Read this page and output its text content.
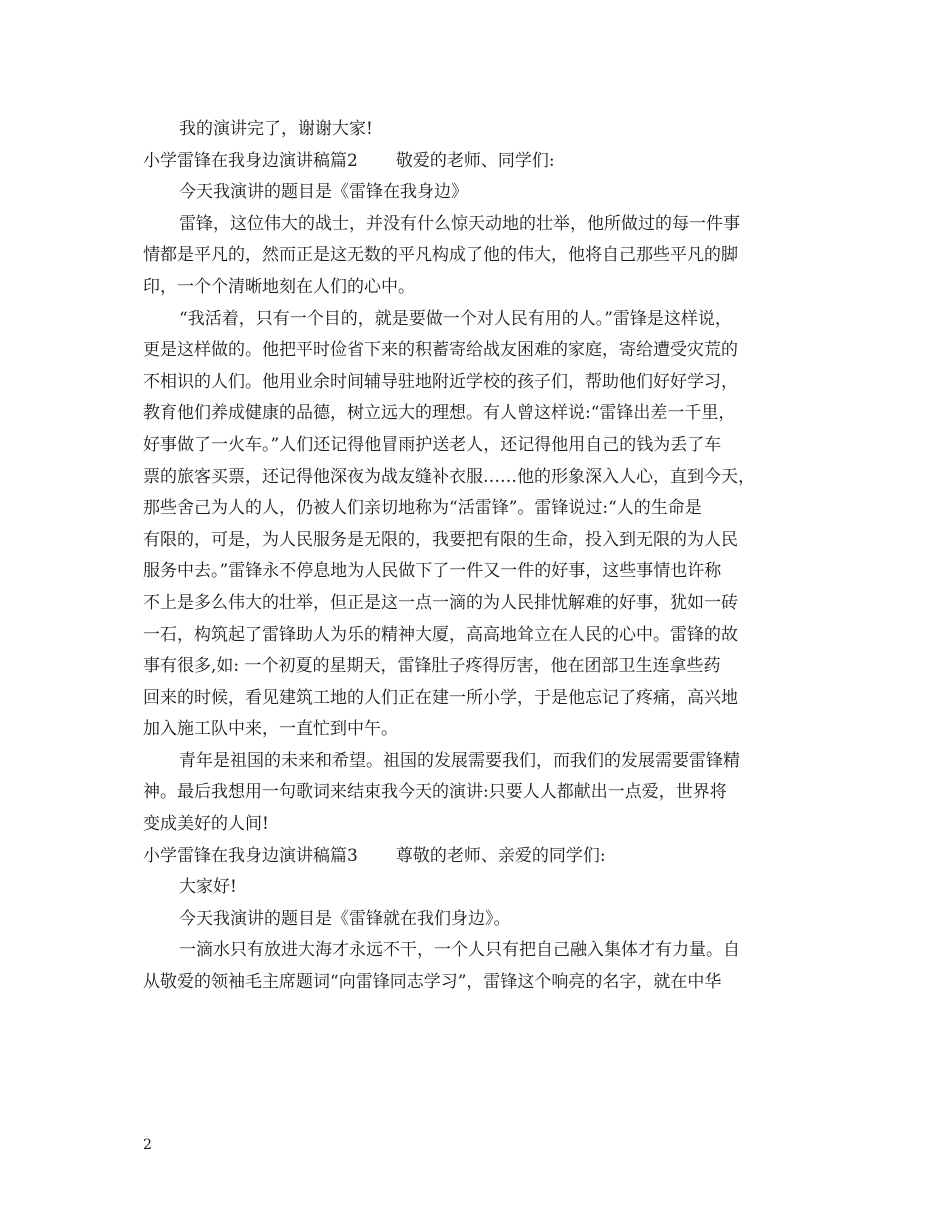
我的演讲完了，谢谢大家!
小学雷锋在我身边演讲稿篇2 敬爱的老师、同学们:
今天我演讲的题目是《雷锋在我身边》
雷锋，这位伟大的战士，并没有什么惊天动地的壮举，他所做过的每一件事
情都是平凡的，然而正是这无数的平凡构成了他的伟大，他将自己那些平凡的脚
印，一个个清晰地刻在人们的心中。
“我活着，只有一个目的，就是要做一个对人民有用的人。”雷锋是这样说，
更是这样做的。他把平时俭省下来的积蓄寄给战友困难的家庭，寄给遭受灾荒的
不相识的人们。他用业余时间辅导驻地附近学校的孩子们，帮助他们好好学习，
教育他们养成健康的品德，树立远大的理想。有人曾这样说:“雷锋出差一千里，
好事做了一火车。”人们还记得他冒雨护送老人，还记得他用自己的钱为丢了车
票的旅客买票，还记得他深夜为战友缝补衣服……他的形象深入人心，直到今天，
那些舍己为人的人，仍被人们亲切地称为“活雷锋”。雷锋说过:“人的生命是
有限的，可是，为人民服务是无限的，我要把有限的生命，投入到无限的为人民
服务中去。”雷锋永不停息地为人民做下了一件又一件的好事，这些事情也许称
不上是多么伟大的壮举，但正是这一点一滴的为人民排忧解难的好事，犹如一砖
一石，构筑起了雷锋助人为乐的精神大厦，高高地耸立在人民的心中。雷锋的故
事有很多,如: 一个初夏的星期天，雷锋肚子疼得厉害，他在团部卫生连拿些药
回来的时候，看见建筑工地的人们正在建一所小学，于是他忘记了疼痛，高兴地
加入施工队中来，一直忙到中午。
青年是祖国的未来和希望。祖国的发展需要我们，而我们的发展需要雷锋精
神。最后我想用一句歌词来结束我今天的演讲:只要人人都献出一点爱，世界将
变成美好的人间!
小学雷锋在我身边演讲稿篇3 尊敬的老师、亲爱的同学们:
大家好!
今天我演讲的题目是《雷锋就在我们身边》。
一滴水只有放进大海才永远不干，一个人只有把自己融入集体才有力量。自
从敬爱的领袖毛主席题词“向雷锋同志学习”，雷锋这个响亮的名字，就在中华
2
